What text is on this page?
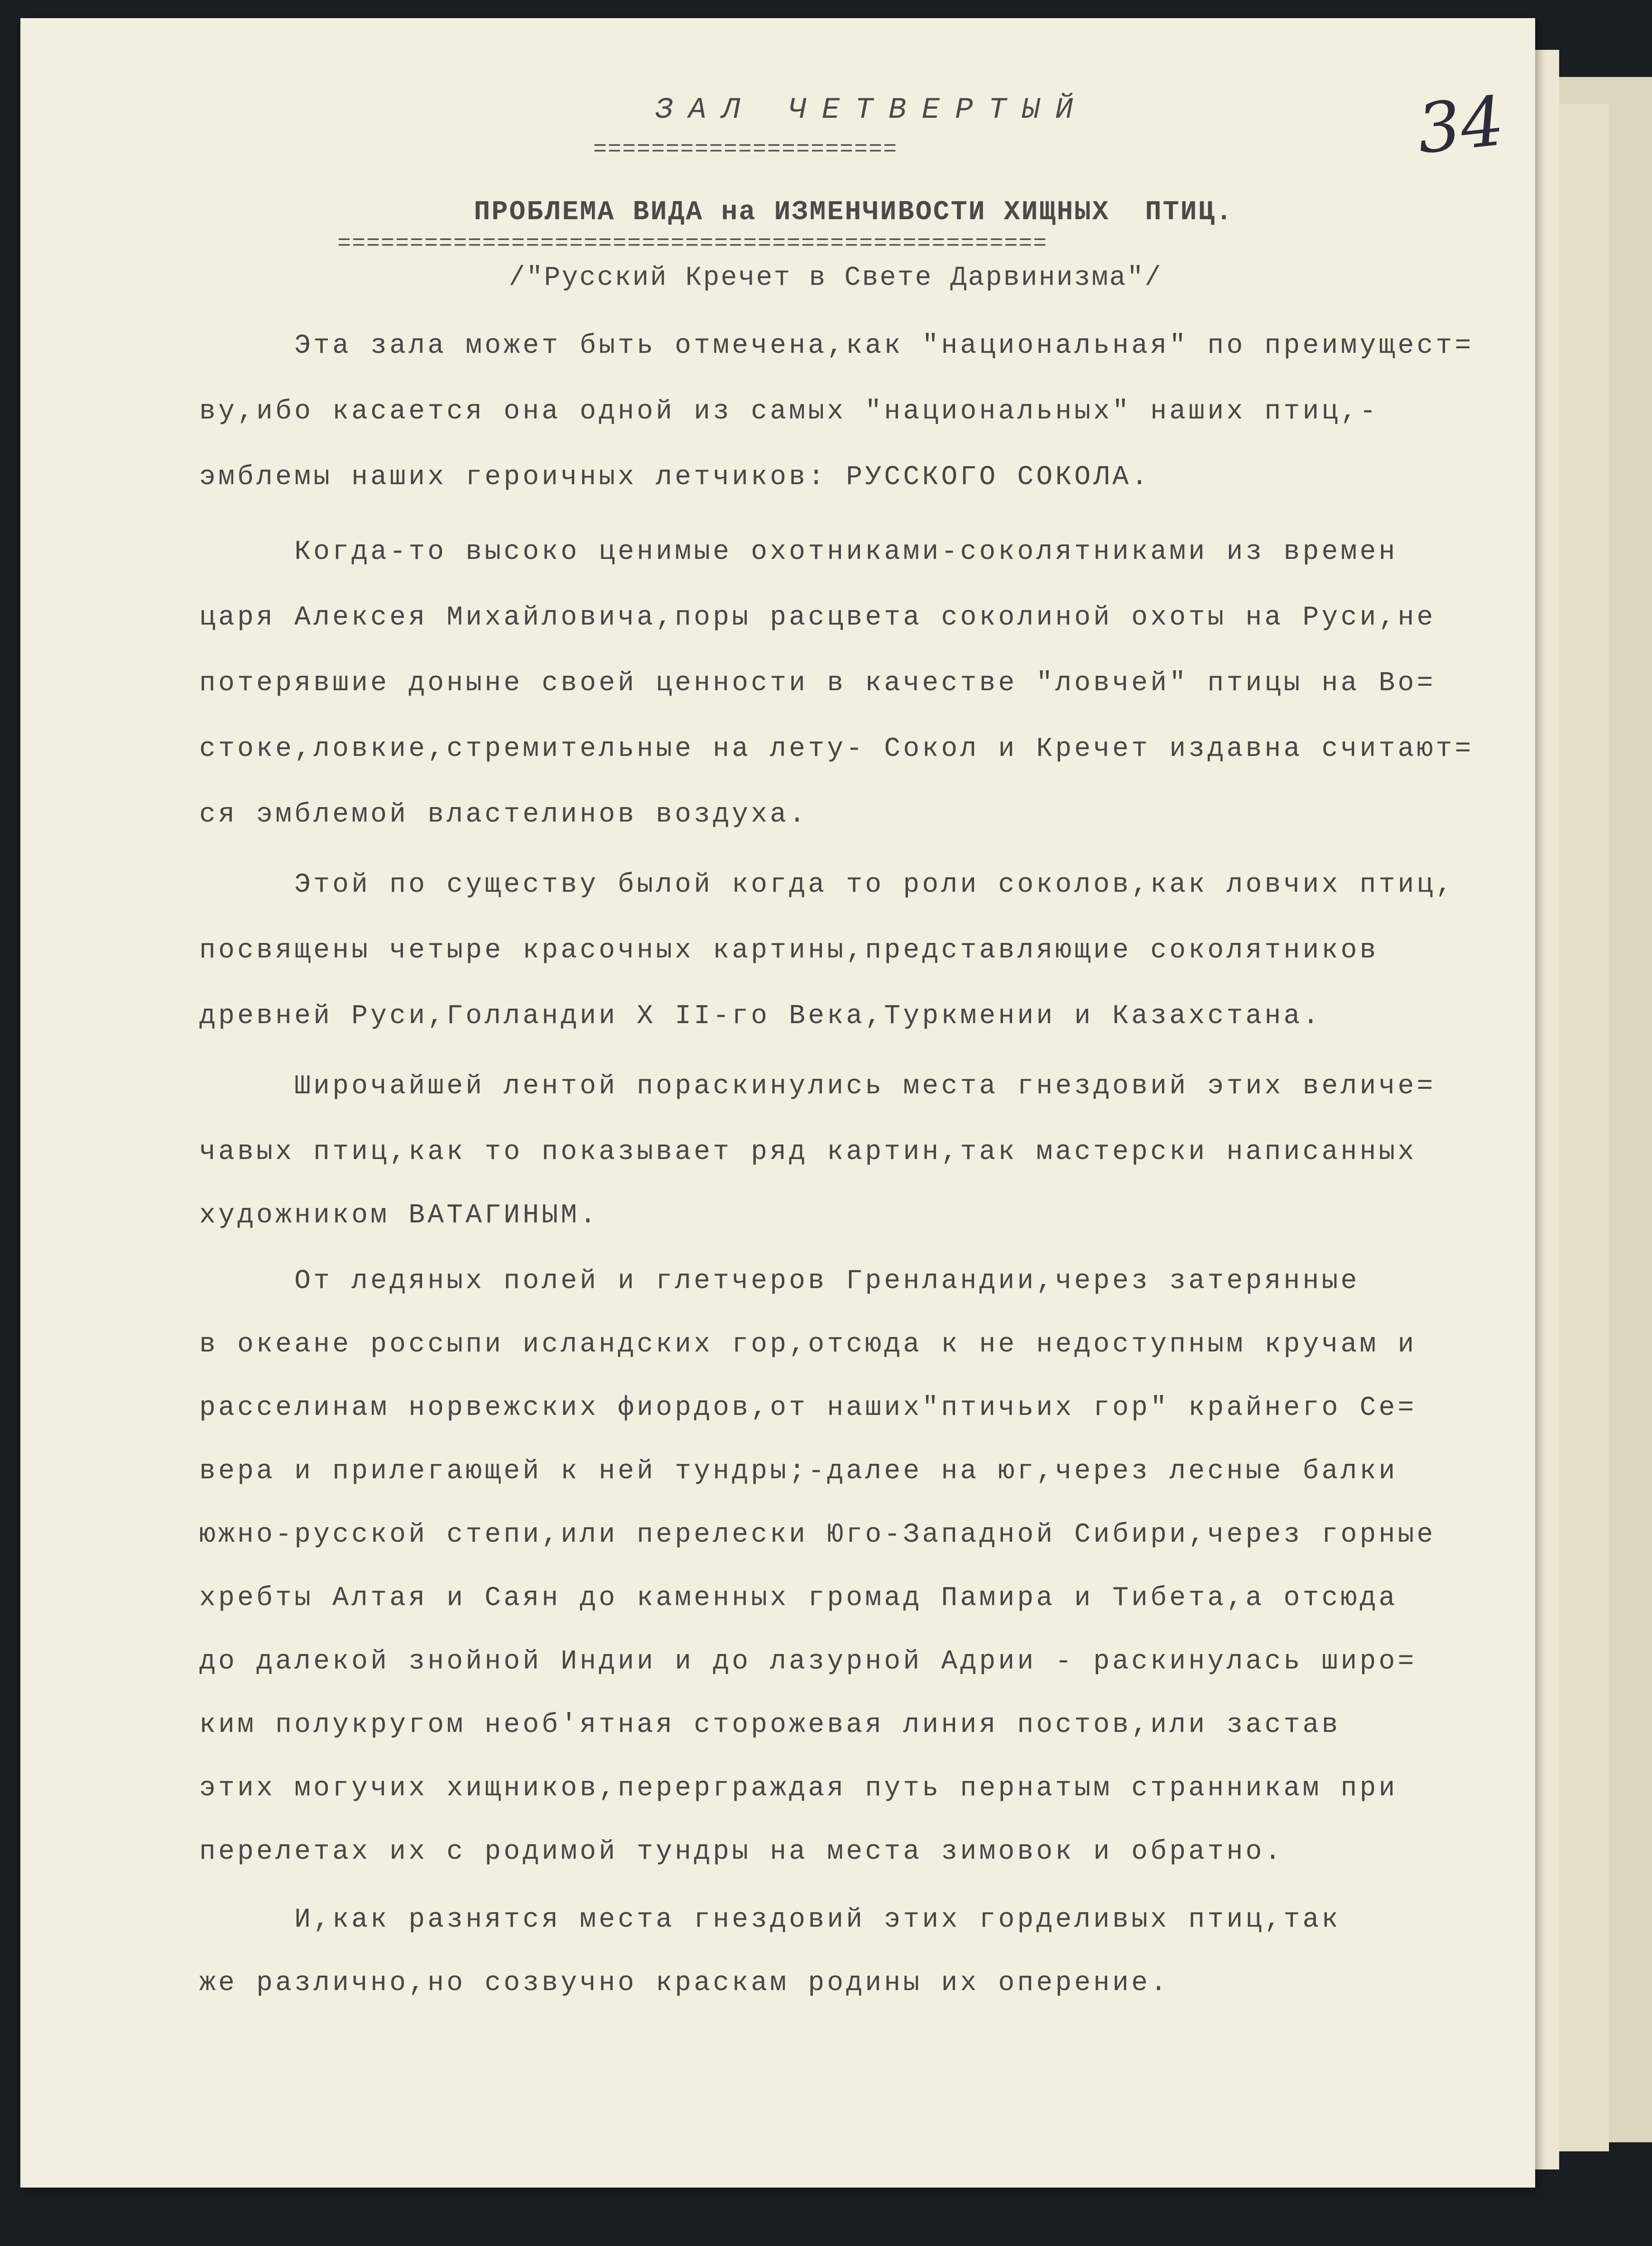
34
ЗАЛ ЧЕТВЕРТЫЙ
=====================
ПРОБЛЕМА ВИДА на ИЗМЕНЧИВОСТИ ХИЩНЫХ  ПТИЦ.
=================================================
/"Русский Кречет в Свете Дарвинизма"/
Эта зала может быть отмечена,как "национальная" по преимущест=
ву,ибо касается она одной из самых "национальных" наших птиц,-
эмблемы наших героичных летчиков: РУССКОГО СОКОЛА.
Когда-то высоко ценимые охотниками-соколятниками из времен
царя Алексея Михайловича,поры расцвета соколиной охоты на Руси,не
потерявшие доныне своей ценности в качестве "ловчей" птицы на Во=
стоке,ловкие,стремительные на лету- Сокол и Кречет издавна считают=
ся эмблемой властелинов воздуха.
Этой по существу былой когда то роли соколов,как ловчих птиц,
посвящены четыре красочных картины,представляющие соколятников
древней Руси,Голландии Х II-го Века,Туркмении и Казахстана.
Широчайшей лентой пораскинулись места гнездовий этих величе=
чавых птиц,как то показывает ряд картин,так мастерски написанных
художником ВАТАГИНЫМ.
От ледяных полей и глетчеров Гренландии,через затерянные
в океане россыпи исландских гор,отсюда к не недоступным кручам и
расселинам норвежских фиордов,от наших"птичьих гор" крайнего Се=
вера и прилегающей к ней тундры;-далее на юг,через лесные балки
южно-русской степи,или перелески Юго-Западной Сибири,через горные
хребты Алтая и Саян до каменных громад Памира и Тибета,а отсюда
до далекой знойной Индии и до лазурной Адрии - раскинулась широ=
ким полукругом необ'ятная сторожевая линия постов,или застав
этих могучих хищников,перерграждая путь пернатым странникам при
перелетах их с родимой тундры на места зимовок и обратно.
И,как разнятся места гнездовий этих горделивых птиц,так
же различно,но созвучно краскам родины их оперение.
